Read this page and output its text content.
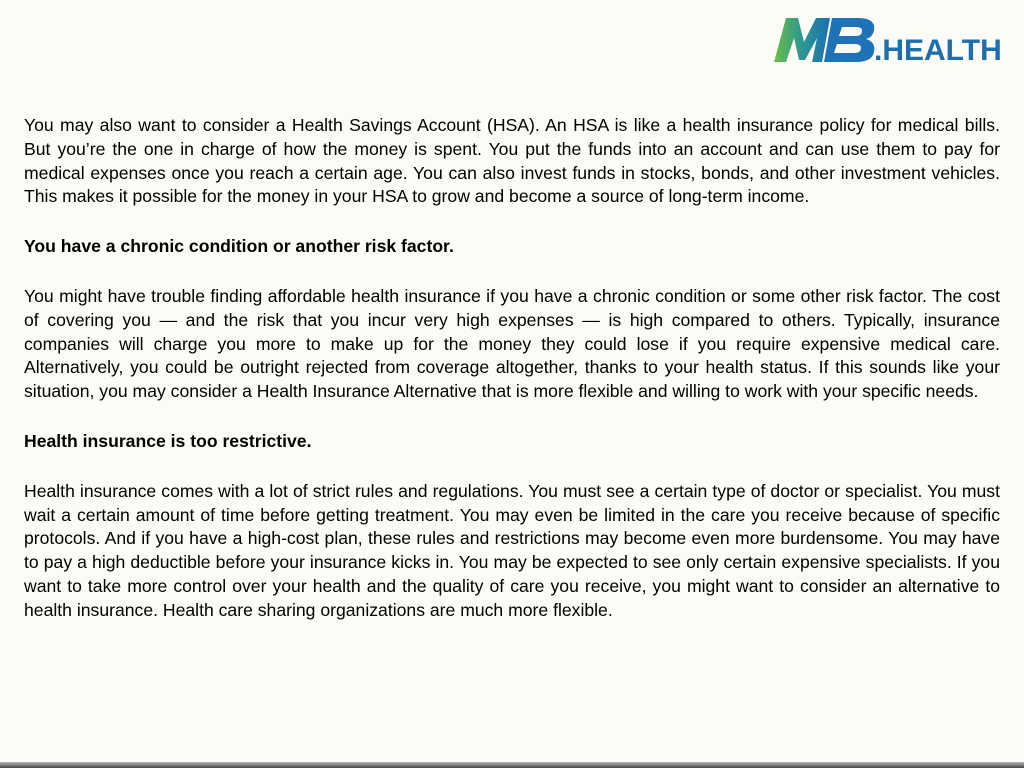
.HEALTH

You may also want to consider a Health Savings Account (HSA). An HSA is like a health insurance policy for medical bills. But you’re the one in charge of how the money is spent. You put the funds into an account and can use them to pay for medical expenses once you reach a certain age. You can also invest funds in stocks, bonds, and other investment vehicles. This makes it possible for the money in your HSA to grow and become a source of long-term income.

You have a chronic condition or another risk factor.

You might have trouble finding affordable health insurance if you have a chronic condition or some other risk factor. The cost of covering you — and the risk that you incur very high expenses — is high compared to others. Typically, insurance companies will charge you more to make up for the money they could lose if you require expensive medical care. Alternatively, you could be outright rejected from coverage altogether, thanks to your health status. If this sounds like your situation, you may consider a Health Insurance Alternative that is more flexible and willing to work with your specific needs.

Health insurance is too restrictive.

Health insurance comes with a lot of strict rules and regulations. You must see a certain type of doctor or specialist. You must wait a certain amount of time before getting treatment. You may even be limited in the care you receive because of specific protocols. And if you have a high-cost plan, these rules and restrictions may become even more burdensome. You may have to pay a high deductible before your insurance kicks in. You may be expected to see only certain expensive specialists. If you want to take more control over your health and the quality of care you receive, you might want to consider an alternative to health insurance. Health care sharing organizations are much more flexible.
